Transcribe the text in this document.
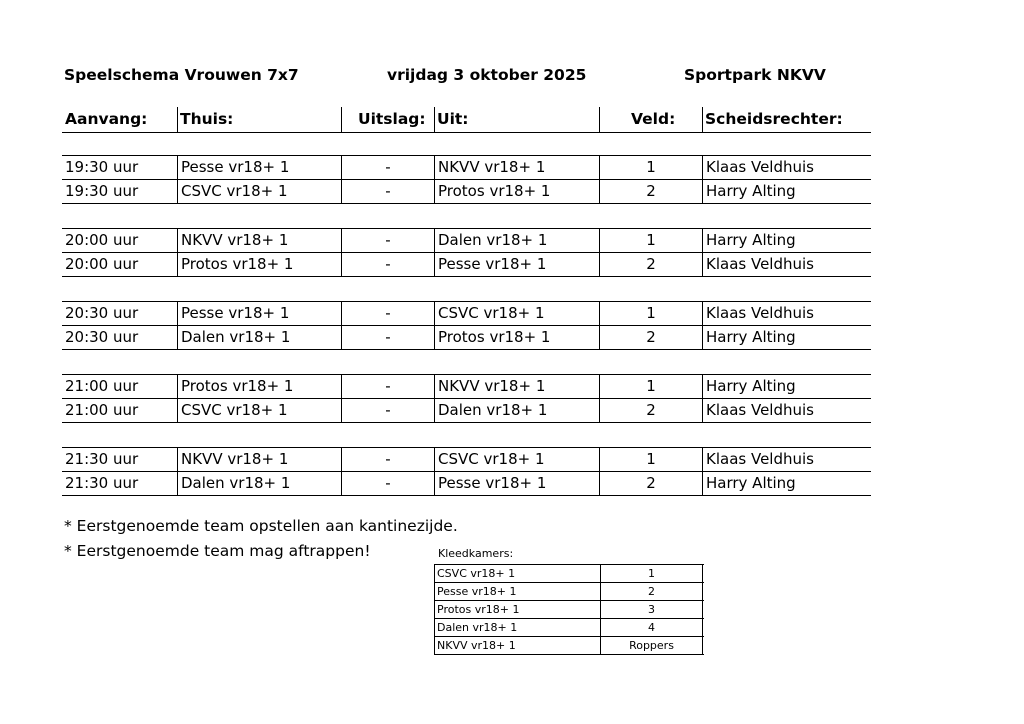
Speelschema Vrouwen 7x7	vrijdag 3 oktober 2025	Sportpark NKVV
Aanvang: Thuis:	Uitslag: Uit:	Veld: Scheidsrechter:
19:30 uur	Pesse vr18+ 1	-	NKVV vr18+ 1	1	Klaas Veldhuis
19:30 uur	CSVC vr18+ 1	-	Protos vr18+ 1	2	Harry Alting
20:00 uur	NKVV vr18+ 1	-	Dalen vr18+ 1	1	Harry Alting
20:00 uur	Protos vr18+ 1	-	Pesse vr18+ 1	2	Klaas Veldhuis
20:30 uur	Pesse vr18+ 1	-	CSVC vr18+ 1	1	Klaas Veldhuis
20:30 uur	Dalen vr18+ 1	-	Protos vr18+ 1	2	Harry Alting
21:00 uur	Protos vr18+ 1	-	NKVV vr18+ 1	1	Harry Alting
21:00 uur	CSVC vr18+ 1	-	Dalen vr18+ 1	2	Klaas Veldhuis
21:30 uur	NKVV vr18+ 1	-	CSVC vr18+ 1	1	Klaas Veldhuis
21:30 uur	Dalen vr18+ 1	-	Pesse vr18+ 1	2	Harry Alting
* Eerstgenoemde team opstellen aan kantinezijde.
* Eerstgenoemde team mag aftrappen!	Kleedkamers:
CSVC vr18+ 1	1
Pesse vr18+ 1	2
Protos vr18+ 1	3
Dalen vr18+ 1	4
NKVV vr18+ 1	Roppers
